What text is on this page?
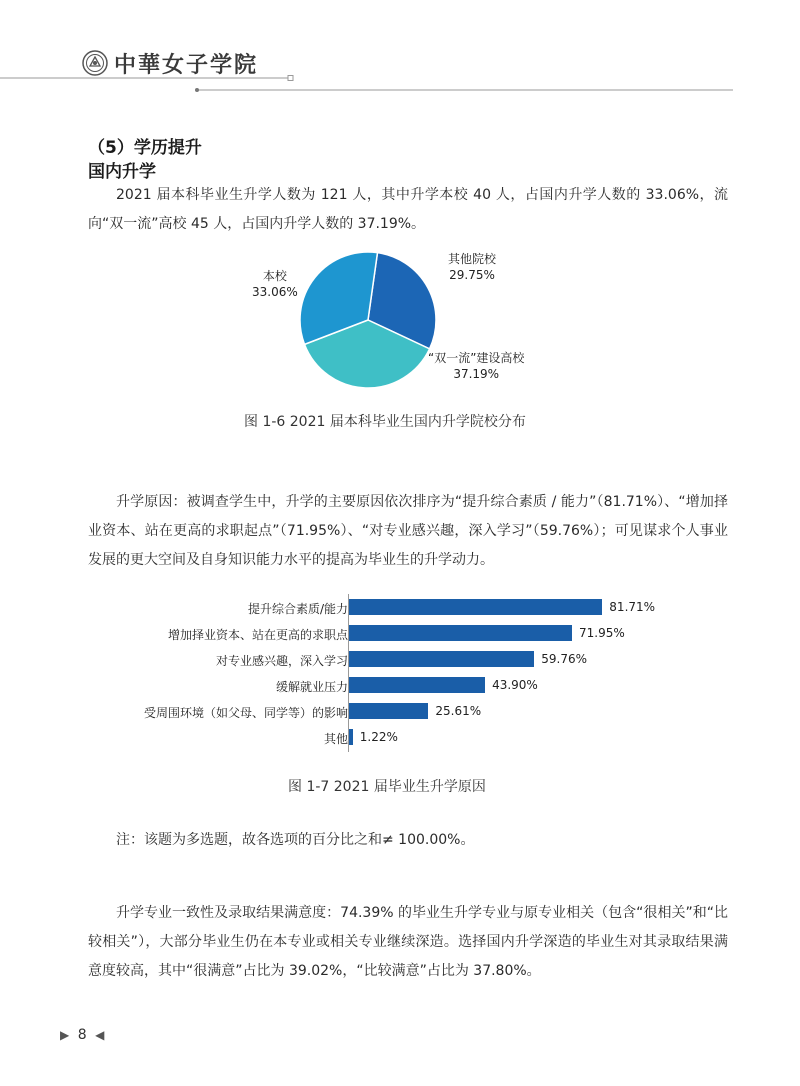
中華女子学院
（5）学历提升
国内升学

2021 届本科毕业生升学人数为 121 人，其中升学本校 40 人，占国内升学人数的 33.06%，流向“双一流”高校 45 人，占国内升学人数的 37.19%。

本校
33.06%
其他院校
29.75%
“双一流”建设高校
37.19%
图 1-6 2021 届本科毕业生国内升学院校分布

升学原因：被调查学生中，升学的主要原因依次排序为“提升综合素质 / 能力”（81.71%）、“增加择业资本、站在更高的求职起点”（71.95%）、“对专业感兴趣，深入学习”（59.76%）；可见谋求个人事业发展的更大空间及自身知识能力水平的提高为毕业生的升学动力。

提升综合素质/能力	81.71%
增加择业资本、站在更高的求职点	71.95%
对专业感兴趣，深入学习	59.76%
缓解就业压力	43.90%
受周围环境（如父母、同学等）的影响	25.61%
其他 1.22%
图 1-7 2021 届毕业生升学原因

注：该题为多选题，故各选项的百分比之和≠ 100.00%。

升学专业一致性及录取结果满意度：74.39% 的毕业生升学专业与原专业相关（包含“很相关”和“比较相关”），大部分毕业生仍在本专业或相关专业继续深造。选择国内升学深造的毕业生对其录取结果满意度较高，其中“很满意”占比为 39.02%，“比较满意”占比为 37.80%。

▶ 8 ◀
